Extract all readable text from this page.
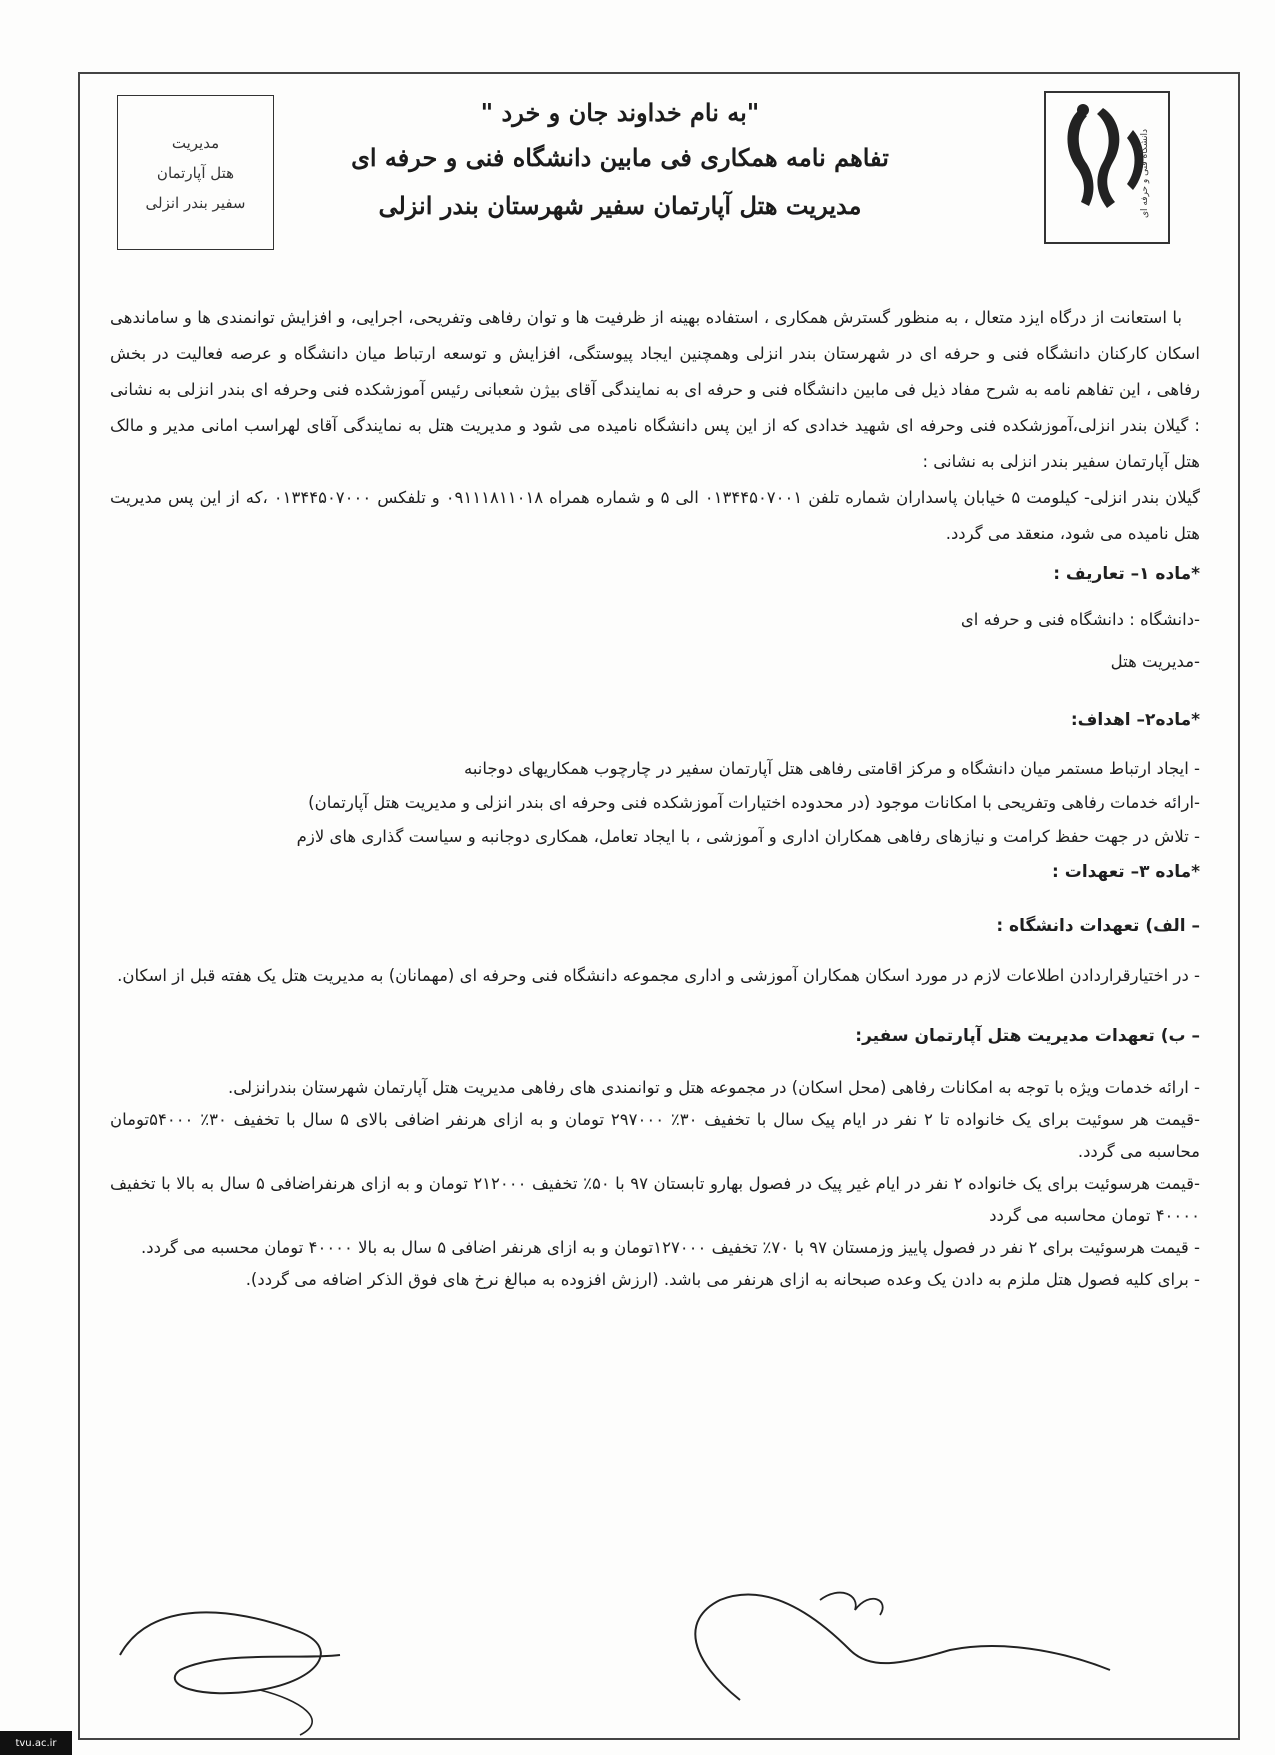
مدیریت
هتل آپارتمان
سفیر بندر انزلی	دانشگاه فنی و حرفه ای
"به نام خداوند جان و خرد "
تفاهم نامه همکاری فی مابین دانشگاه فنی و حرفه ای
مدیریت هتل آپارتمان سفیر شهرستان بندر انزلی

با استعانت از درگاه ایزد متعال ، به منظور گسترش همکاری ، استفاده بهینه از ظرفیت ها و توان رفاهی وتفریحی، اجرایی، و افزایش توانمندی ها و ساماندهی اسکان کارکنان دانشگاه فنی و حرفه ای در شهرستان بندر انزلی وهمچنین ایجاد پیوستگی، افزایش و توسعه ارتباط میان دانشگاه و عرصه فعالیت در بخش رفاهی ، این تفاهم نامه به شرح مفاد ذیل فی مابین دانشگاه فنی و حرفه ای به نمایندگی آقای بیژن شعبانی رئیس آموزشکده فنی وحرفه ای بندر انزلی به نشانی : گیلان بندر انزلی،آموزشکده فنی وحرفه ای شهید خدادی که از این پس دانشگاه نامیده می شود و مدیریت هتل به نمایندگی آقای لهراسب امانی مدیر و مالک هتل آپارتمان سفیر بندر انزلی به نشانی :

گیلان بندر انزلی- کیلومت ۵ خیابان پاسداران شماره تلفن ۰۱۳۴۴۵۰۷۰۰۱ الی ۵ و شماره همراه ۰۹۱۱۱۸۱۱۰۱۸ و تلفکس ۰۱۳۴۴۵۰۷۰۰۰ ،که از این پس مدیریت هتل نامیده می شود، منعقد می گردد.

*ماده ۱– تعاریف :
-دانشگاه : دانشگاه فنی و حرفه ای
-مدیریت هتل
*ماده۲– اهداف:
- ایجاد ارتباط مستمر میان دانشگاه و مرکز اقامتی رفاهی هتل آپارتمان سفیر در چارچوب همکاریهای دوجانبه
-ارائه خدمات رفاهی وتفریحی با امکانات موجود (در محدوده اختیارات آموزشکده فنی وحرفه ای بندر انزلی و مدیریت هتل آپارتمان)
- تلاش در جهت حفظ کرامت و نیازهای رفاهی همکاران اداری و آموزشی ، با ایجاد تعامل، همکاری دوجانبه و سیاست گذاری های لازم
*ماده ۳– تعهدات :
– الف) تعهدات دانشگاه :
- در اختیارقراردادن اطلاعات لازم در مورد اسکان همکاران آموزشی و اداری مجموعه دانشگاه فنی وحرفه ای (مهمانان) به مدیریت هتل یک هفته قبل از اسکان.
– ب) تعهدات مدیریت هتل آپارتمان سفیر:
- ارائه خدمات ویژه با توجه به امکانات رفاهی (محل اسکان) در مجموعه هتل و توانمندی های رفاهی مدیریت هتل آپارتمان شهرستان بندرانزلی.
-قیمت هر سوئیت برای یک خانواده تا ۲ نفر در ایام پیک سال با تخفیف ۳۰٪ ۲۹۷۰۰۰ تومان و به ازای هرنفر اضافی بالای ۵ سال با تخفیف ۳۰٪ ۵۴۰۰۰تومان محاسبه می گردد.
-قیمت هرسوئیت برای یک خانواده ۲ نفر در ایام غیر پیک در فصول بهارو تابستان ۹۷ با ۵۰٪ تخفیف ۲۱۲۰۰۰ تومان و به ازای هرنفراضافی ۵ سال به بالا با تخفیف ۴۰۰۰۰ تومان محاسبه می گردد
- قیمت هرسوئیت برای ۲ نفر در فصول پاییز وزمستان ۹۷ با ۷۰٪ تخفیف ۱۲۷۰۰۰تومان و به ازای هرنفر اضافی ۵ سال به بالا ۴۰۰۰۰ تومان محسبه می گردد.
- برای کلیه فصول هتل ملزم به دادن یک وعده صبحانه به ازای هرنفر می باشد. (ارزش افزوده به مبالغ نرخ های فوق الذکر اضافه می گردد).
tvu.ac.ir
